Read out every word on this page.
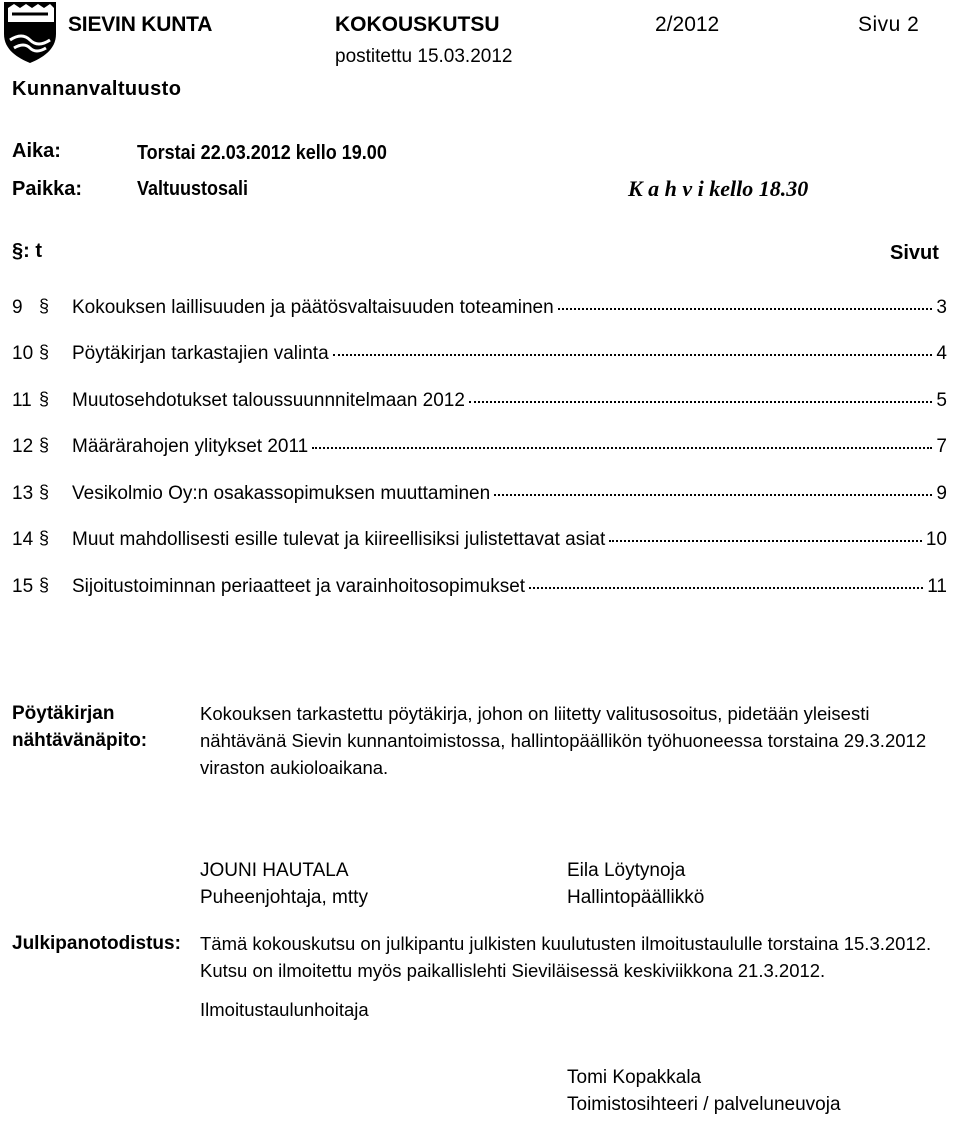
SIEVIN KUNTA	KOKOUSKUTSU	2/2012	Sivu 2
postitettu 15.03.2012
Kunnanvaltuusto
Aika:	Torstai 22.03.2012 kello 19.00
Paikka:	Valtuustosali	K a h v i kello 18.30
§: t	Sivut
9 § Kokouksen laillisuuden ja päätösvaltaisuuden toteaminen	3
10 § Pöytäkirjan tarkastajien valinta	4
11 § Muutosehdotukset taloussuunnnitelmaan 2012	5
12 § Määrärahojen ylitykset 2011	7
13 § Vesikolmio Oy:n osakassopimuksen muuttaminen	9
14 § Muut mahdollisesti esille tulevat ja kiireellisiksi julistettavat asiat	10
15 § Sijoitustoiminnan periaatteet ja varainhoitosopimukset	11
Pöytäkirjan
nähtävänäpito:
Kokouksen tarkastettu pöytäkirja, johon on liitetty valitusosoitus, pidetään yleisesti nähtävänä Sievin kunnantoimistossa, hallintopäällikön työhuoneessa torstaina 29.3.2012 viraston aukioloaikana.
JOUNI HAUTALA
Puheenjohtaja, mtty
Eila Löytynoja
Hallintopäällikkö
Julkipanotodistus: Tämä kokouskutsu on julkipantu julkisten kuulutusten ilmoitustaululle torstaina 15.3.2012.
Kutsu on ilmoitettu myös paikallislehti Sieviläisessä keskiviikkona 21.3.2012.
Ilmoitustaulunhoitaja
Tomi Kopakkala
Toimistosihteeri / palveluneuvoja
